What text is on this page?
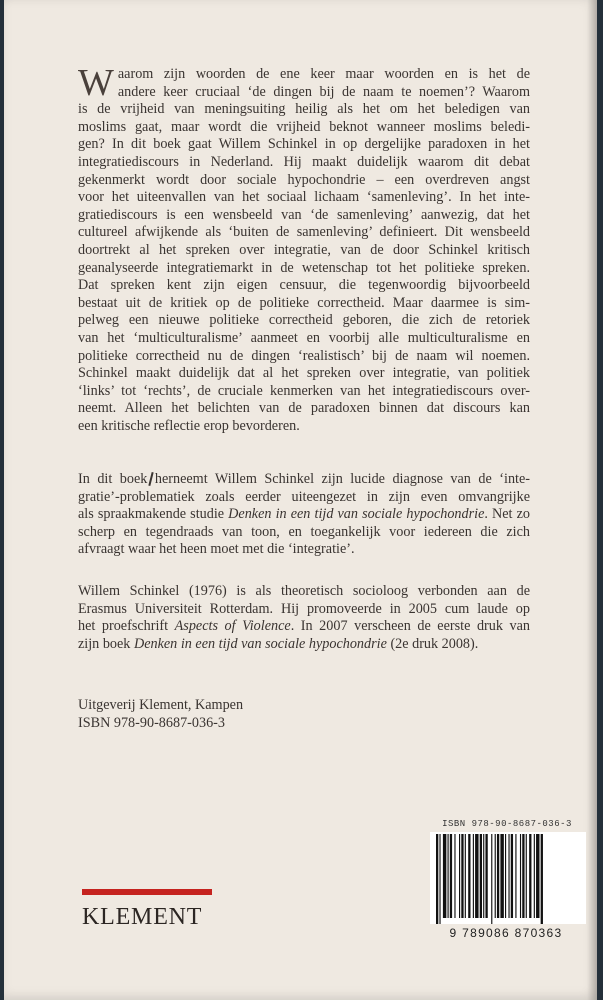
W aarom zijn woorden de ene keer maar woorden en is het de
andere keer cruciaal ‘de dingen bij de naam te noemen’? Waarom
is de vrijheid van meningsuiting heilig als het om het beledigen van
moslims gaat, maar wordt die vrijheid beknot wanneer moslims beledi-
gen? In dit boek gaat Willem Schinkel in op dergelijke paradoxen in het
integratiediscours in Nederland. Hij maakt duidelijk waarom dit debat
gekenmerkt wordt door sociale hypochondrie – een overdreven angst
voor het uiteenvallen van het sociaal lichaam ‘samenleving’. In het inte-
gratiediscours is een wensbeeld van ‘de samenleving’ aanwezig, dat het
cultureel afwijkende als ‘buiten de samenleving’ definieert. Dit wensbeeld
doortrekt al het spreken over integratie, van de door Schinkel kritisch
geanalyseerde integratiemarkt in de wetenschap tot het politieke spreken.
Dat spreken kent zijn eigen censuur, die tegenwoordig bijvoorbeeld
bestaat uit de kritiek op de politieke correctheid. Maar daarmee is sim-
pelweg een nieuwe politieke correctheid geboren, die zich de retoriek
van het ‘multiculturalisme’ aanmeet en voorbij alle multiculturalisme en
politieke correctheid nu de dingen ‘realistisch’ bij de naam wil noemen.
Schinkel maakt duidelijk dat al het spreken over integratie, van politiek
‘links’ tot ‘rechts’, de cruciale kenmerken van het integratiediscours over-
neemt. Alleen het belichten van de paradoxen binnen dat discours kan
een kritische reflectie erop bevorderen.
In dit boek herneemt Willem Schinkel zijn lucide diagnose van de ‘inte-
gratie’-problematiek zoals eerder uiteengezet in zijn even omvangrijke
als spraakmakende studie Denken in een tijd van sociale hypochondrie. Net zo
scherp en tegendraads van toon, en toegankelijk voor iedereen die zich
afvraagt waar het heen moet met die ‘integratie’.
Willem Schinkel (1976) is als theoretisch socioloog verbonden aan de
Erasmus Universiteit Rotterdam. Hij promoveerde in 2005 cum laude op
het proefschrift Aspects of Violence. In 2007 verscheen de eerste druk van
zijn boek Denken in een tijd van sociale hypochondrie (2e druk 2008).
Uitgeverij Klement, Kampen
ISBN 978-90-8687-036-3
ISBN 978-90-8687-036-3
9 789086 870363
KLEMENT
